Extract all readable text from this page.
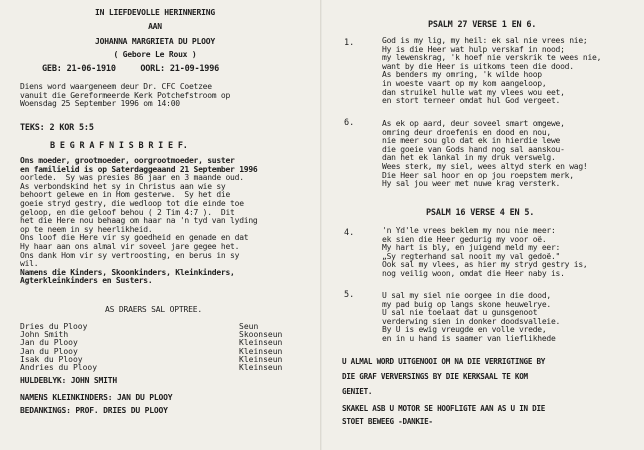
IN LIEFDEVOLLE HERINNERING
AAN
JOHANNA MARGRIETA DU PLOOY
( Gebore Le Roux )
GEB: 21-06-1910     OORL: 21-09-1996
Diens word waargeneem deur Dr. CFC Coetzee
vanuit die Gereformeerde Kerk Potchefstroom op
Woensdag 25 September 1996 om 14:00
TEKS: 2 KOR 5:5
B E G R A F N I S B R I E F.
Ons moeder, grootmoeder, oorgrootmoeder, suster
en familielid is op Saterdaggeaand 21 September 1996
oorlede.  Sy was presies 86 jaar en 3 maande oud.
As verbondskind het sy in Christus aan wie sy
behoort gelewe en in Hom gesterwe.  Sy het die
goeie stryd gestry, die wedloop tot die einde toe
geloop, en die geloof behou ( 2 Tim 4:7 ).  Dit
het die Here nou behaag om haar na 'n tyd van lyding
op te neem in sy heerlikheid.
Ons loof die Here vir sy goedheid en genade en dat
Hy haar aan ons almal vir soveel jare gegee het.
Ons dank Hom vir sy vertroosting, en berus in sy
wil.
Namens die Kinders, Skoonkinders, Kleinkinders,
Agterkleinkinders en Susters.
AS DRAERS SAL OPTREE.
Dries du Plooy	Seun
John Smith	Skoonseun
Jan du Plooy	Kleinseun
Jan du Plooy	Kleinseun
Isak du Plooy	Kleinseun
Andries du Plooy	Kleinseun
HULDEBLYK: JOHN SMITH
NAMENS KLEINKINDERS: JAN DU PLOOY
BEDANKINGS: PROF. DRIES DU PLOOY
PSALM 27 VERSE 1 EN 6.
1.	God is my lig, my heil: ek sal nie vrees nie;
Hy is die Heer wat hulp verskaf in nood;
my lewenskrag, 'k hoef nie verskrik te wees nie,
want by die Heer is uitkoms teen die dood.
As benders my omring, 'k wilde hoop
in woeste vaart op my kom aangeloop,
dan struikel hulle wat my vlees wou eet,
en stort terneer omdat hul God vergeet.
6.	As ek op aard, deur soveel smart omgewe,
omring deur droefenis en dood en nou,
nie meer sou glo dat ek in hierdie lewe
die goeie van Gods hand nog sal aanskou-
dan het ek lankal in my druk verswelg.
Wees sterk, my siel, wees altyd sterk en wag!
Die Heer sal hoor en op jou roepstem merk,
Hy sal jou weer met nuwe krag versterk.
PSALM 16 VERSE 4 EN 5.
4.	'n Yd'le vrees beklem my nou nie meer:
ek sien die Heer gedurig my voor oë.
My hart is bly, en juigend meld my eer:
„Sy regterhand sal nooit my val gedoë."
Ook sal my vlees, as hier my stryd gestry is,
nog veilig woon, omdat die Heer naby is.
5.	U sal my siel nie oorgee in die dood,
my pad buig op langs skone heuwelrye.
U sal nie toelaat dat u gunsgenoot
verderwing sien in donker doodsvalleie.
By U is ewig vreugde en volle vrede,
en in u hand is saamer van lieflikhede
U ALMAL WORD UITGENOOI OM NA DIE VERRIGTINGE BY
DIE GRAF VERVERSINGS BY DIE KERKSAAL TE KOM
GENIET.
SKAKEL ASB U MOTOR SE HOOFLIGTE AAN AS U IN DIE
STOET BEWEEG -DANKIE-
